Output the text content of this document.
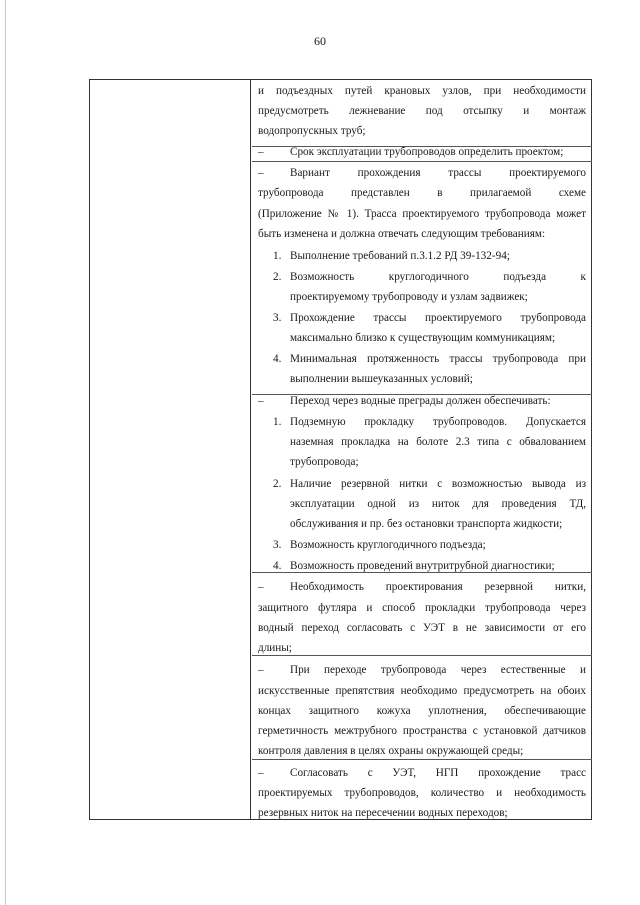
60
и подъездных путей крановых узлов, при необходимости
предусмотреть лежневание под отсыпку и монтаж
водопропускных труб;
– Срок эксплуатации трубопроводов определить проектом;
– Вариант прохождения трассы проектируемого
трубопровода представлен в прилагаемой схеме
(Приложение № 1). Трасса проектируемого трубопровода может
быть изменена и должна отвечать следующим требованиям:
1. Выполнение требований п.3.1.2 РД 39-132-94;
2. Возможность круглогодичного подъезда к
проектируемому трубопроводу и узлам задвижек;
3. Прохождение трассы проектируемого трубопровода
максимально близко к существующим коммуникациям;
4. Минимальная протяженность трассы трубопровода при
выполнении вышеуказанных условий;
– Переход через водные преграды должен обеспечивать:
1. Подземную прокладку трубопроводов. Допускается
наземная прокладка на болоте 2.3 типа с обвалованием
трубопровода;
2. Наличие резервной нитки с возможностью вывода из
эксплуатации одной из ниток для проведения ТД,
обслуживания и пр. без остановки транспорта жидкости;
3. Возможность круглогодичного подъезда;
4. Возможность проведений внутритрубной диагностики;
– Необходимость проектирования резервной нитки,
защитного футляра и способ прокладки трубопровода через
водный переход согласовать с УЭТ в не зависимости от его
длины;
– При переходе трубопровода через естественные и
искусственные препятствия необходимо предусмотреть на обоих
концах защитного кожуха уплотнения, обеспечивающие
герметичность межтрубного пространства с установкой датчиков
контроля давления в целях охраны окружающей среды;
– Согласовать с УЭТ, НГП прохождение трасс
проектируемых трубопроводов, количество и необходимость
резервных ниток на пересечении водных переходов;
